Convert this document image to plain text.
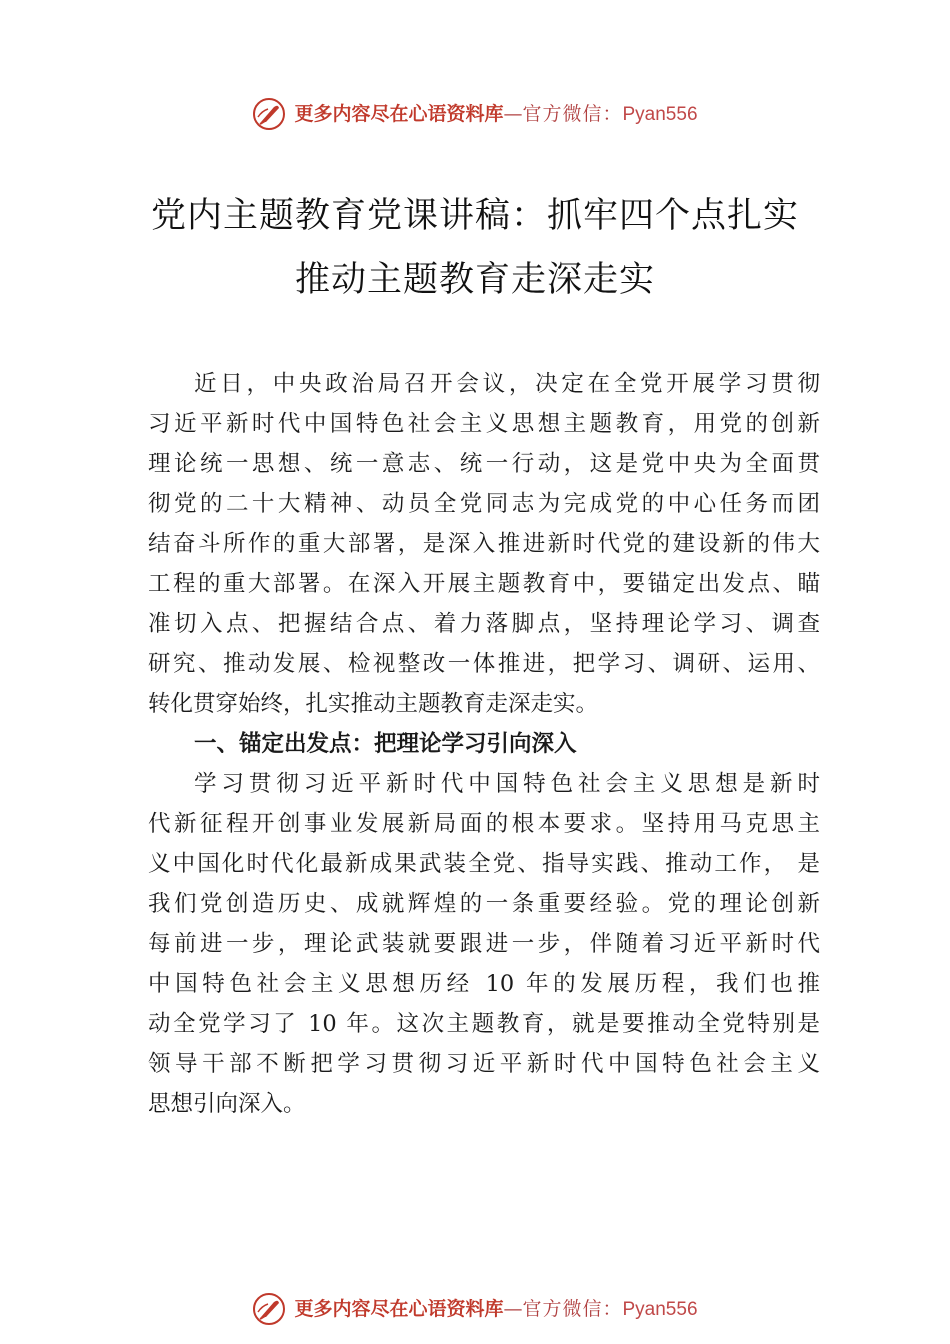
更多内容尽在心语资料库—官方微信：Pyan556
党内主题教育党课讲稿：抓牢四个点扎实
推动主题教育走深走实
近日，中央政治局召开会议，决定在全党开展学习贯彻
习近平新时代中国特色社会主义思想主题教育，用党的创新
理论统一思想、统一意志、统一行动，这是党中央为全面贯
彻党的二十大精神、动员全党同志为完成党的中心任务而团
结奋斗所作的重大部署，是深入推进新时代党的建设新的伟大
工程的重大部署。在深入开展主题教育中，要锚定出发点、瞄
准切入点、把握结合点、着力落脚点，坚持理论学习、调查
研究、推动发展、检视整改一体推进，把学习、调研、运用、
转化贯穿始终，扎实推动主题教育走深走实。
一、锚定出发点：把理论学习引向深入
学习贯彻习近平新时代中国特色社会主义思想是新时
代新征程开创事业发展新局面的根本要求。坚持用马克思主
义中国化时代化最新成果武装全党、指导实践、推动工作， 是
我们党创造历史、成就辉煌的一条重要经验。党的理论创新
每前进一步，理论武装就要跟进一步，伴随着习近平新时代
中国特色社会主义思想历经 10 年的发展历程，我们也推
动全党学习了 10 年。这次主题教育，就是要推动全党特别是
领导干部不断把学习贯彻习近平新时代中国特色社会主义
思想引向深入。
更多内容尽在心语资料库—官方微信：Pyan556
